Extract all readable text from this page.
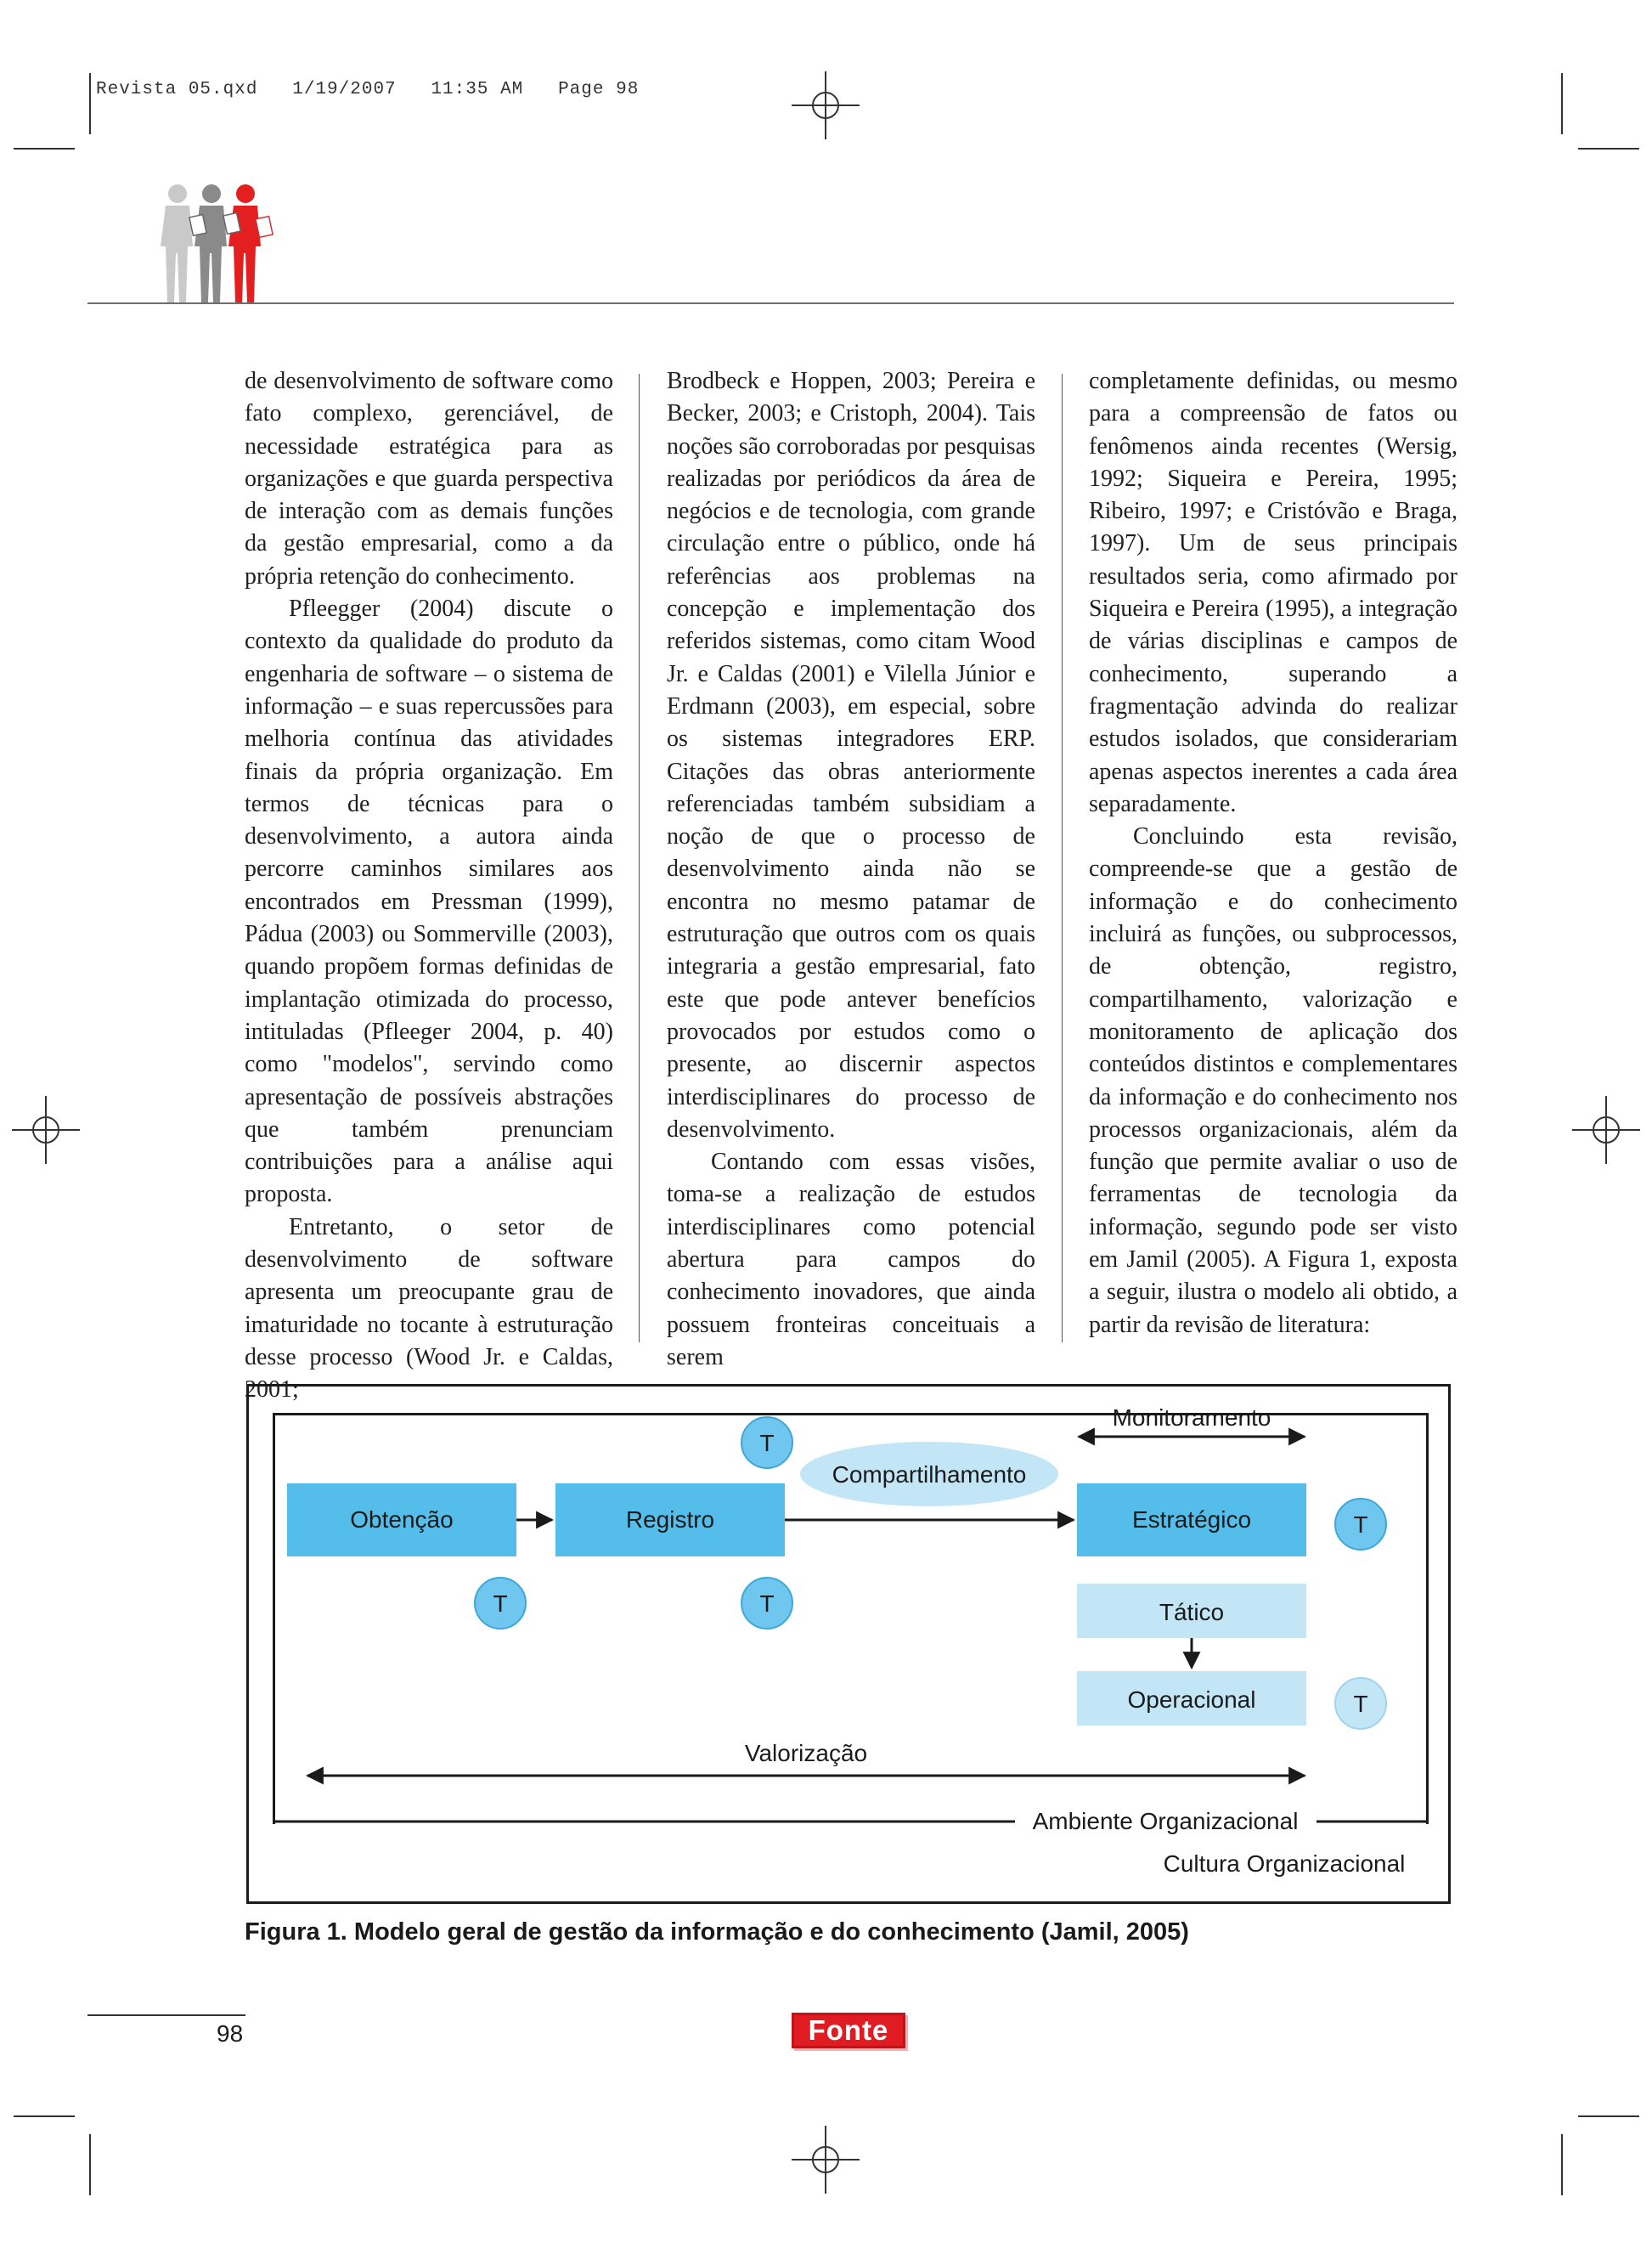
Revista 05.qxd   1/19/2007   11:35 AM   Page 98

de desenvolvimento de software como fato complexo, gerenciável, de necessidade estratégica para as organizações e que guarda perspectiva de interação com as demais funções da gestão empresarial, como a da própria retenção do conhecimento.

Pfleegger (2004) discute o contexto da qualidade do produto da engenharia de software – o sistema de informação – e suas repercussões para melhoria contínua das atividades finais da própria organização. Em termos de técnicas para o desenvolvimento, a autora ainda percorre caminhos similares aos encontrados em Pressman (1999), Pádua (2003) ou Sommerville (2003), quando propõem formas definidas de implantação otimizada do processo, intituladas (Pfleeger 2004, p. 40) como "modelos", servindo como apresentação de possíveis abstrações que também prenunciam contribuições para a análise aqui proposta.

Entretanto, o setor de desenvolvimento de software apresenta um preocupante grau de imaturidade no tocante à estruturação desse processo (Wood Jr. e Caldas, 2001;

Brodbeck e Hoppen, 2003; Pereira e Becker, 2003; e Cristoph, 2004). Tais noções são corroboradas por pesquisas realizadas por periódicos da área de negócios e de tecnologia, com grande circulação entre o público, onde há referências aos problemas na concepção e implementação dos referidos sistemas, como citam Wood Jr. e Caldas (2001) e Vilella Júnior e Erdmann (2003), em especial, sobre os sistemas integradores ERP. Citações das obras anteriormente referenciadas também subsidiam a noção de que o processo de desenvolvimento ainda não se encontra no mesmo patamar de estruturação que outros com os quais integraria a gestão empresarial, fato este que pode antever benefícios provocados por estudos como o presente, ao discernir aspectos interdisciplinares do processo de desenvolvimento.

Contando com essas visões, toma-se a realização de estudos interdisciplinares como potencial abertura para campos do conhecimento inovadores, que ainda possuem fronteiras conceituais a serem

completamente definidas, ou mesmo para a compreensão de fatos ou fenômenos ainda recentes (Wersig, 1992; Siqueira e Pereira, 1995; Ribeiro, 1997; e Cristóvão e Braga, 1997). Um de seus principais resultados seria, como afirmado por Siqueira e Pereira (1995), a integração de várias disciplinas e campos de conhecimento, superando a fragmentação advinda do realizar estudos isolados, que considerariam apenas aspectos inerentes a cada área separadamente.

Concluindo esta revisão, compreende-se que a gestão de informação e do conhecimento incluirá as funções, ou subprocessos, de obtenção, registro, compartilhamento, valorização e monitoramento de aplicação dos conteúdos distintos e complementares da informação e do conhecimento nos processos organizacionais, além da função que permite avaliar o uso de ferramentas de tecnologia da informação, segundo pode ser visto em Jamil (2005). A Figura 1, exposta a seguir, ilustra o modelo ali obtido, a partir da revisão de literatura:

Obtenção	Registro	Estratégico
Tático
Operacional
Compartilhamento
Monitoramento
Valorização
Ambiente Organizacional
Cultura Organizacional
T
T	T
T
T
Figura 1. Modelo geral de gestão da informação e do conhecimento (Jamil, 2005)
98	Fonte
